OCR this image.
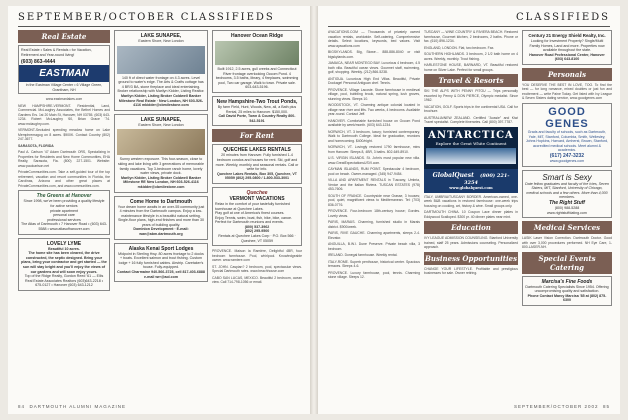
SEPTEMBER/OCTOBER CLASSIFIEDS
Real Estate
Real Estate • Sales & Rentals • for Vacation, Retirement and Year-round living!
(603) 863-4444
EASTMAN
in the Eastman Village Center • 6 Village Green, Grantham, NH
www.eastmanlakes.com
NEW HAMPSHIRE-VERMONT. Residential, Land, Commercial. McLaughry Associates, the Bethel Homes and Gardens Ers. 1st 20 Main St, Hanover, NH 03755. (603) 643-1234. Robert McLaughry '60, Brian Grace '74. www.mclaughry.com.
VERMONT-Secluded spending meadow home on Lake Memphremagog on 8 acres. $900K. Contact Country (802) 247-3677.
SARASOTA, FLORIDA
Paul A. Carlson '47 Adam Dartmouth ORS, Specializing in Properties for Residents and New Home Communities, EHA Realty, Sarasota, Fla. (800) 227-1501. Website: www.paulcarlson.net
PrivateCommunities.com. Take a self-guided tour of the top retirement, vacation and resort communities in Florida, the Carolinas, Arizona and other great places at PrivateCommunities.com, and www.communities.com.
The Greens at Hanover
Since 1998, we've been providing a quality lifestyle for active seniors
private apartment
personal care
professional services
The Atlas of Dartmouth • 7 Hanover Road • (603) 643-5588 • www.atlasofhanover.com
LOVELY LYME
Beautiful 10 acres.
The home site has been cleared, the drive constructed, the septic designed. Bring your plans, bring your contractor and get started — the sun will stay bright and you'll enjoy the views of our gardens and will soon enjoy yours.
Top of the Ridge Realty, Gordon Reed '61 — Ellis Real Estate Associates Realtors (603)643-2218 • 675-0127 • Hanover (603) 643-1212
LAKE SUNAPEE,
Eastern Shore, New London
140 ft of direct water frontage on 4.3 acres. Level ground to water's edge. The Arts & Crafts cottage has 4 BR/3 BA, stone fireplace and ideal entertaining. Broker relationship with Marilyn Kidder, Listing Realtor.
Marilyn Kidder, Listing Broker Coldwell Banker Milestone Real Estate · New London, NH 603-526-4116 mkidder@cbmilestone.com
LAKE SUNAPEE,
Eastern Shore, New London
Sunny western exposure. This four-season, close to skiing and lake living with 3 generations of memorable family vacations. Top 3-bedroom ranch home, lovely water views, private dock.
Marilyn Kidder, Listing Broker Coldwell Banker Milestone RE New London, NH 603-526-4116 mkidder@cbmilestone.com
Come Home to Dartmouth
Your dream home awaits in an over-55 community just 4 minutes from the Dartmouth campus. Enjoy a low-maintenance lifestyle in a beautiful natural setting. Single-floor plans, high-end finishes and more than 30 years of building quality.
Dominion Development · E-mail: wan@abm.dartmouth.org
Alaska Kenai Sport Lodges
Midpoint in Sterling Hwy. 80 acres frontage to 2 docks + boats. Excellent salmon and trout fishing. Custom lodge + 16 fully furnished cabins. Airstrip. Caretaker's house. Fully-equipped.
Contact Charmaine 940-566-3725, cell 817-403-6888 e-mail wrr@aol.com
Hanover Ocean Ridge
Built 1912, 2.5 acres, gull creeks and Connecticut River frontage overlooking Occom Pond. 4 bedrooms, 3.5 baths, library, 4 fireplaces, swimming pool, Two car garage. Walk to town. Private sale. 603-643-5196.
New Hampshire-Two Trout Ponds,
By farm Field, Hunt, Woods, New, all, a Bath plus Rental, 25 miles to Hanover. $150,000.
Call David Porte, Town & Country Realty 800-542-5191
For Rent
QUECHEE LAKES RENTALS
20 minutes from Hanover. Fully furnished 1-4 bedroom condos and houses for rent. Ski, golf and more. Weekly, monthly and seasonal rentals. Call or write for info.
Quechee Lakes Rentals, Box 305, Quechee, VT 05059 (802) 295-0800 / 1-800-533-3001
Quechee
VERMONT VACATIONS
Relax in the comfort of your tastefully furnished townhouse at Quechee Lakes.
Play golf at one of America's finest courses.
Enjoy Tennis, swim, boat, fish, hike, bike, canoe.
Perfect for Dartmouth reunions and events.
(800) 537-3962
(802) 295-9500
Rentals at Quechee Lakes Corp · P.O. Box 566 · Quechee, VT 05059
PROVENCE. Maison la Ramière, Delightful 4BR, four bedroom farmhouse. Pool, whirlpool. Knowledgeable owner. www.ramiere.com
ST. JOHN. Caspian? 2 bedroom, pool, spectacular views. Special Dartmouth rates. www.beachhouse.com
CABO SAN LUCAS, MEXICO. Beautiful 2 bedroom, ocean view. Call 714-798-1056 or email.
84 DARTMOUTH ALUMNI MAGAZINE
CLASSIFIEDS
AYACATIONS.COM — Thousands of privately owned vacation rentals, worldwide. Self-catering, Comprehensive details. Select locations, keywords, bed values. Visit www.ayacations.com
BIGSKYLANDS. Big, Stowe... 888-886-8040 or visit bigskylands.com.
JAMAICA, NEAR MONTEGO BAY. Luxurious 4 bedroom, 4.5 bath villa. Beautiful ocean views. Gourmet staff, swimming, golf, shopping. Weekly. (212) 866-5238.
ANTIGUA. Luxurious High End Villas. Beautiful, Private Dockage! Personal Antiguan chef. Tennis.
PROVENCE. Village Lacoste. Stone farmhouse in medieval village, pool, bubbling brook, natural spring, lush groves, stunning views. Sleeps 10.
WOODSTOCK, VT. Charming antique colonial located in village near river and lifts. Two weeks, 4 bedrooms. Available year-round. Contact Jeff.
HANOVER. Comfortable furnished house on Occom Pond available by week/month. (603) 643-1234.
NORWICH, VT. 3 bedroom, luxury; furnished contemporary. Walk to Dartmouth College. Ideal for graduation, reunions and homecoming. $400/night.
NORWICH, VT. Lovingly restored 1790 farmhouse, mins from Hanover. Sleeps 8, 4BR, 3 baths. 802-649-8910.
U.S. VIRGIN ISLANDS. St. John's most popular new villa. www.GreatExpectationsUSVI.com.
CAYMAN ISLANDS, RUM POINT. Spectacular 4 bedroom, pool on beach. Owner-managed. (345) 947-9454.
VILLA AND APARTMENT RENTALS in Tuscany, Umbria, Venice and the Italian Riviera. TUSCAN ESTATES (978) 453-7606.
SOUTH OF FRANCE. Countryside near Grasse, 3 houses; pool, quiet, magnificent views to Mediterranean. Tel: (703) 836-0776.
PROVENCE. Four-bedroom 18th-century house; Gordes. Lovely views.
PARIS, MARAIS. Charming, furnished studio in Marais district. $900/week.
PARIS, RIVE GAUCHE. Charming apartments, sleeps 2-4. Elevator.
ANGUILLA, B.W.I. Dune Preserve. Private beach villa, 3 bedroom.
IRELAND. Donegal farmhouse. Weekly rental.
ITALY-ROME. Superb penthouse, historical center. Spacious terraces. Sleeps 4-6.
PROVENCE. Luxury farmhouse, pool, tennis. Charming stone village. Sleeps 12.
TUSCANY — WINE COUNTRY & RIVIERA BEACH. Restored farmhouse, Gourmet kitchen, 2 bedrooms, 2 baths. Phone or fax. (610) 896-1234.
ENGLAND, LONDON. Flat, two bedroom. Fax.
SOUTHERN HIGHLANDS. 3 bedroom, 2 1/2 bath home on 4 acres. Weekly, monthly. Trout fishing.
HARLESTONE HOUSE, BARNARD, VT. Beautiful restored home on Silver Lake. Perfect for small groups.
Travel & Resorts
SKI THE ALPS WITH PENNY PITOU — Trips personally escorted by Penny & DON PIERCE, Olympic medalist. Since 1962.
VACATION, GOLF. Sports trips in the continental USA. Call for brochure.
AUSTRALIA/NEW ZEALAND. Certified "Aussie" and Kiwi Travel specialist. Complete itineraries. Call (800) 397-7787.
ANTARCTICA
Explore the Great White Continent
GlobalQuest (800) 221-3254
www.globalquest.com
ITALY, UMBRIA/TUSCANY BORDER. American-owned, one-week B&B vacations in restored farmhouse: one-week trips focusing on cooking, art, history & wine. Small groups only.
DARTMOUTH CHINA. 10 Coupon Lace dinner plates in Eddywood Scalloped. $300 pr. 40 dinner plates near mint.
Education
IVY LEAGUE ADMISSION COUNSELING. Stanford University trained, staff 25 years. Admissions counseling. Personalized approach.
Business Opportunities
CHANGE YOUR LIFESTYLE. Profitable and prestigious businesses for sale. Owner retiring.
Century 21 Energy Shield Realty, Inc.
Looking for Investment Property? Single/Multi Family Homes, Land and more. Properties now available throughout the state.
Hanover Road Professional Center, Hanover (603) 643-8100
Personals
YOU DESERVE THE BEST IN LOVE, TOO. To find the best — for long romance, mixed doubles or just fun and excitement — write Paine Today. Get listed with Ivy League & Seven Sisters dating service, www.goodgenes.com
GOOD GENES
Grads and faculty of schools, such as Dartmouth, Yale, MIT, Stanford, Columbia, Smith, Wellesley, Johns Hopkins, Harvard, Amherst, Brown, Stanford, accredited medical schools. Meet alumni & academics.
(617) 247-3232
www.goodgenes.com
Smart is Sexy
Date fellow graduates and faculty of the Ivies, Seven Sisters, MIT, Stanford, University of Chicago, medical schools and a few others. More than 4,000 members.
The Right Stuff
(800) 988-5288
www.rightstuffdating.com
Medical Services
LASIK Laser Vision Correction. Dartmouth Doctor. Good with over 3,000 procedures performed. NH Eye Care, 1-800-LASER-NH.
Special Events Catering
Marcisa's Fine Foods
Dartmouth Catering Specialists Since 1954. Offering uncompromising quality and satisfaction.
Phone Contact Marcy Marcisa '85 at (802) 875-6300
SEPTEMBER/OCTOBER 2002 85
